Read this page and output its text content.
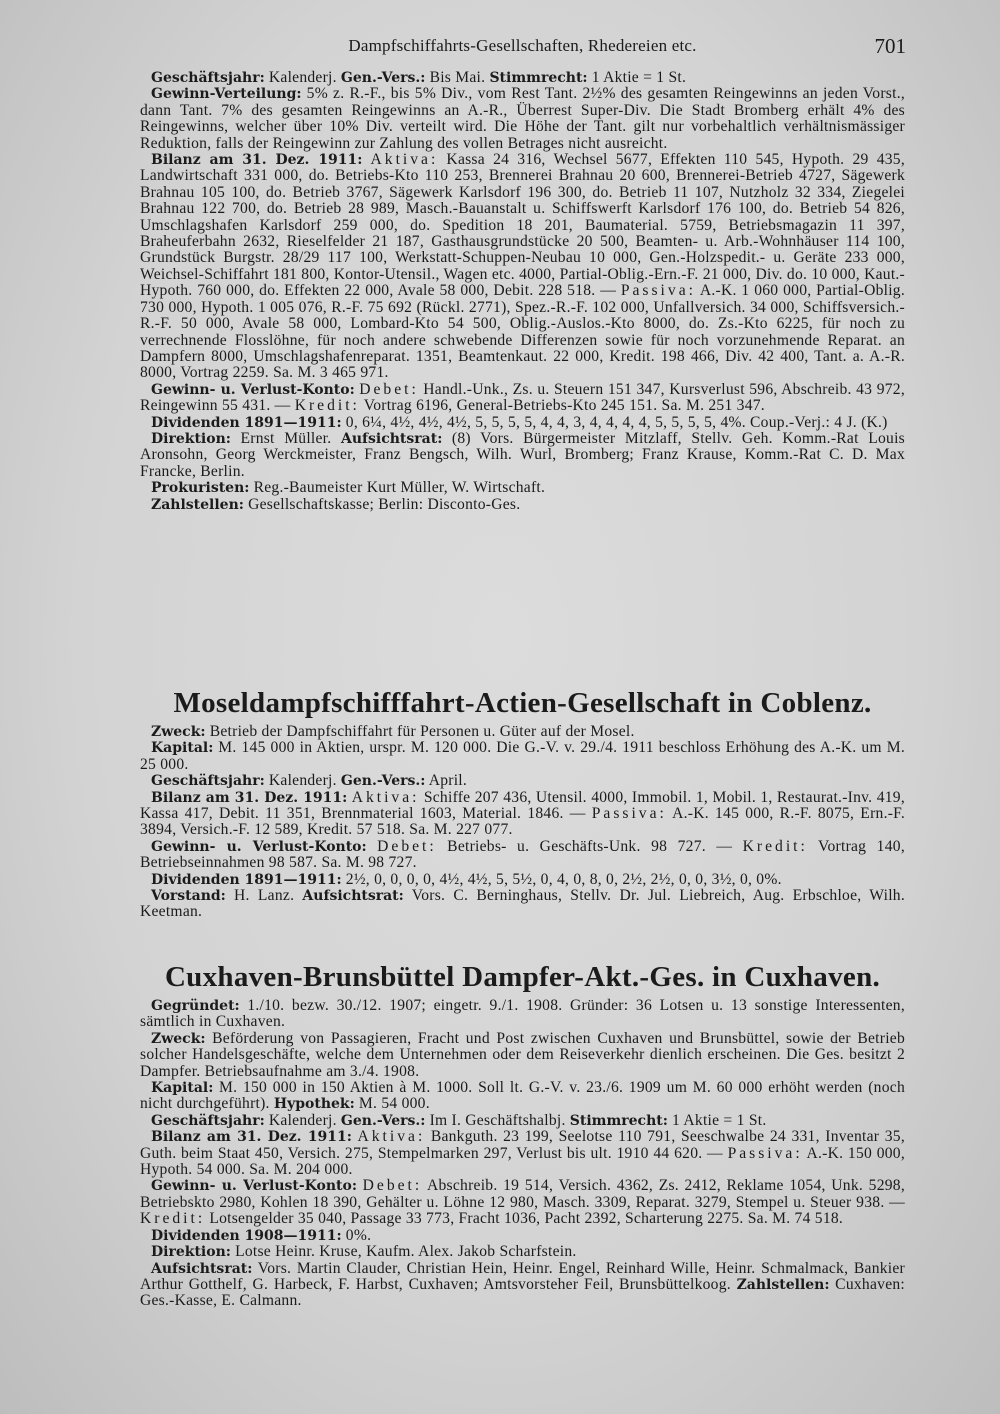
Dampfschiffahrts-Gesellschaften, Rhedereien etc.	701

Geschäftsjahr: Kalenderj. Gen.-Vers.: Bis Mai. Stimmrecht: 1 Aktie = 1 St.

Gewinn-Verteilung: 5% z. R.-F., bis 5% Div., vom Rest Tant. 2½% des gesamten Reingewinns an jeden Vorst., dann Tant. 7% des gesamten Reingewinns an A.-R., Überrest Super-Div. Die Stadt Bromberg erhält 4% des Reingewinns, welcher über 10% Div. verteilt wird. Die Höhe der Tant. gilt nur vorbehaltlich verhältnismässiger Reduktion, falls der Reingewinn zur Zahlung des vollen Betrages nicht ausreicht.

Bilanz am 31. Dez. 1911: Aktiva: Kassa 24 316, Wechsel 5677, Effekten 110 545, Hypoth. 29 435, Landwirtschaft 331 000, do. Betriebs-Kto 110 253, Brennerei Brahnau 20 600, Brennerei-Betrieb 4727, Sägewerk Brahnau 105 100, do. Betrieb 3767, Sägewerk Karlsdorf 196 300, do. Betrieb 11 107, Nutzholz 32 334, Ziegelei Brahnau 122 700, do. Betrieb 28 989, Masch.-Bauanstalt u. Schiffswerft Karlsdorf 176 100, do. Betrieb 54 826, Umschlagshafen Karlsdorf 259 000, do. Spedition 18 201, Baumaterial. 5759, Betriebsmagazin 11 397, Braheuferbahn 2632, Rieselfelder 21 187, Gasthausgrundstücke 20 500, Beamten- u. Arb.-Wohnhäuser 114 100, Grundstück Burgstr. 28/29 117 100, Werkstatt-Schuppen-Neubau 10 000, Gen.-Holzspedit.- u. Geräte 233 000, Weichsel-Schiffahrt 181 800, Kontor-Utensil., Wagen etc. 4000, Partial-Oblig.-Ern.-F. 21 000, Div. do. 10 000, Kaut.-Hypoth. 760 000, do. Effekten 22 000, Avale 58 000, Debit. 228 518. — Passiva: A.-K. 1 060 000, Partial-Oblig. 730 000, Hypoth. 1 005 076, R.-F. 75 692 (Rückl. 2771), Spez.-R.-F. 102 000, Unfallversich. 34 000, Schiffsversich.-R.-F. 50 000, Avale 58 000, Lombard-Kto 54 500, Oblig.-Auslos.-Kto 8000, do. Zs.-Kto 6225, für noch zu verrechnende Flosslöhne, für noch andere schwebende Differenzen sowie für noch vorzunehmende Reparat. an Dampfern 8000, Umschlagshafenreparat. 1351, Beamtenkaut. 22 000, Kredit. 198 466, Div. 42 400, Tant. a. A.-R. 8000, Vortrag 2259. Sa. M. 3 465 971.

Gewinn- u. Verlust-Konto: Debet: Handl.-Unk., Zs. u. Steuern 151 347, Kursverlust 596, Abschreib. 43 972, Reingewinn 55 431. — Kredit: Vortrag 6196, General-Betriebs-Kto 245 151. Sa. M. 251 347.

Dividenden 1891—1911: 0, 6¼, 4½, 4½, 4½, 5, 5, 5, 5, 4, 4, 3, 4, 4, 4, 4, 5, 5, 5, 5, 4%. Coup.-Verj.: 4 J. (K.)

Direktion: Ernst Müller. Aufsichtsrat: (8) Vors. Bürgermeister Mitzlaff, Stellv. Geh. Komm.-Rat Louis Aronsohn, Georg Werckmeister, Franz Bengsch, Wilh. Wurl, Bromberg; Franz Krause, Komm.-Rat C. D. Max Francke, Berlin.

Prokuristen: Reg.-Baumeister Kurt Müller, W. Wirtschaft.

Zahlstellen: Gesellschaftskasse; Berlin: Disconto-Ges.

Moseldampfschifffahrt-Actien-Gesellschaft in Coblenz.

Zweck: Betrieb der Dampfschiffahrt für Personen u. Güter auf der Mosel.

Kapital: M. 145 000 in Aktien, urspr. M. 120 000. Die G.-V. v. 29./4. 1911 beschloss Erhöhung des A.-K. um M. 25 000.

Geschäftsjahr: Kalenderj. Gen.-Vers.: April.

Bilanz am 31. Dez. 1911: Aktiva: Schiffe 207 436, Utensil. 4000, Immobil. 1, Mobil. 1, Restaurat.-Inv. 419, Kassa 417, Debit. 11 351, Brennmaterial 1603, Material. 1846. — Passiva: A.-K. 145 000, R.-F. 8075, Ern.-F. 3894, Versich.-F. 12 589, Kredit. 57 518. Sa. M. 227 077.

Gewinn- u. Verlust-Konto: Debet: Betriebs- u. Geschäfts-Unk. 98 727. — Kredit: Vortrag 140, Betriebseinnahmen 98 587. Sa. M. 98 727.

Dividenden 1891—1911: 2½, 0, 0, 0, 0, 4½, 4½, 5, 5½, 0, 4, 0, 8, 0, 2½, 2½, 0, 0, 3½, 0, 0%.

Vorstand: H. Lanz. Aufsichtsrat: Vors. C. Berninghaus, Stellv. Dr. Jul. Liebreich, Aug. Erbschloe, Wilh. Keetman.

Cuxhaven-Brunsbüttel Dampfer-Akt.-Ges. in Cuxhaven.

Gegründet: 1./10. bezw. 30./12. 1907; eingetr. 9./1. 1908. Gründer: 36 Lotsen u. 13 sonstige Interessenten, sämtlich in Cuxhaven.

Zweck: Beförderung von Passagieren, Fracht und Post zwischen Cuxhaven und Brunsbüttel, sowie der Betrieb solcher Handelsgeschäfte, welche dem Unternehmen oder dem Reiseverkehr dienlich erscheinen. Die Ges. besitzt 2 Dampfer. Betriebsaufnahme am 3./4. 1908.

Kapital: M. 150 000 in 150 Aktien à M. 1000. Soll lt. G.-V. v. 23./6. 1909 um M. 60 000 erhöht werden (noch nicht durchgeführt). Hypothek: M. 54 000.

Geschäftsjahr: Kalenderj. Gen.-Vers.: Im I. Geschäftshalbj. Stimmrecht: 1 Aktie = 1 St.

Bilanz am 31. Dez. 1911: Aktiva: Bankguth. 23 199, Seelotse 110 791, Seeschwalbe 24 331, Inventar 35, Guth. beim Staat 450, Versich. 275, Stempelmarken 297, Verlust bis ult. 1910 44 620. — Passiva: A.-K. 150 000, Hypoth. 54 000. Sa. M. 204 000.

Gewinn- u. Verlust-Konto: Debet: Abschreib. 19 514, Versich. 4362, Zs. 2412, Reklame 1054, Unk. 5298, Betriebskto 2980, Kohlen 18 390, Gehälter u. Löhne 12 980, Masch. 3309, Reparat. 3279, Stempel u. Steuer 938. — Kredit: Lotsengelder 35 040, Passage 33 773, Fracht 1036, Pacht 2392, Scharterung 2275. Sa. M. 74 518.

Dividenden 1908—1911: 0%.

Direktion: Lotse Heinr. Kruse, Kaufm. Alex. Jakob Scharfstein.

Aufsichtsrat: Vors. Martin Clauder, Christian Hein, Heinr. Engel, Reinhard Wille, Heinr. Schmalmack, Bankier Arthur Gotthelf, G. Harbeck, F. Harbst, Cuxhaven; Amtsvorsteher Feil, Brunsbüttelkoog. Zahlstellen: Cuxhaven: Ges.-Kasse, E. Calmann.
